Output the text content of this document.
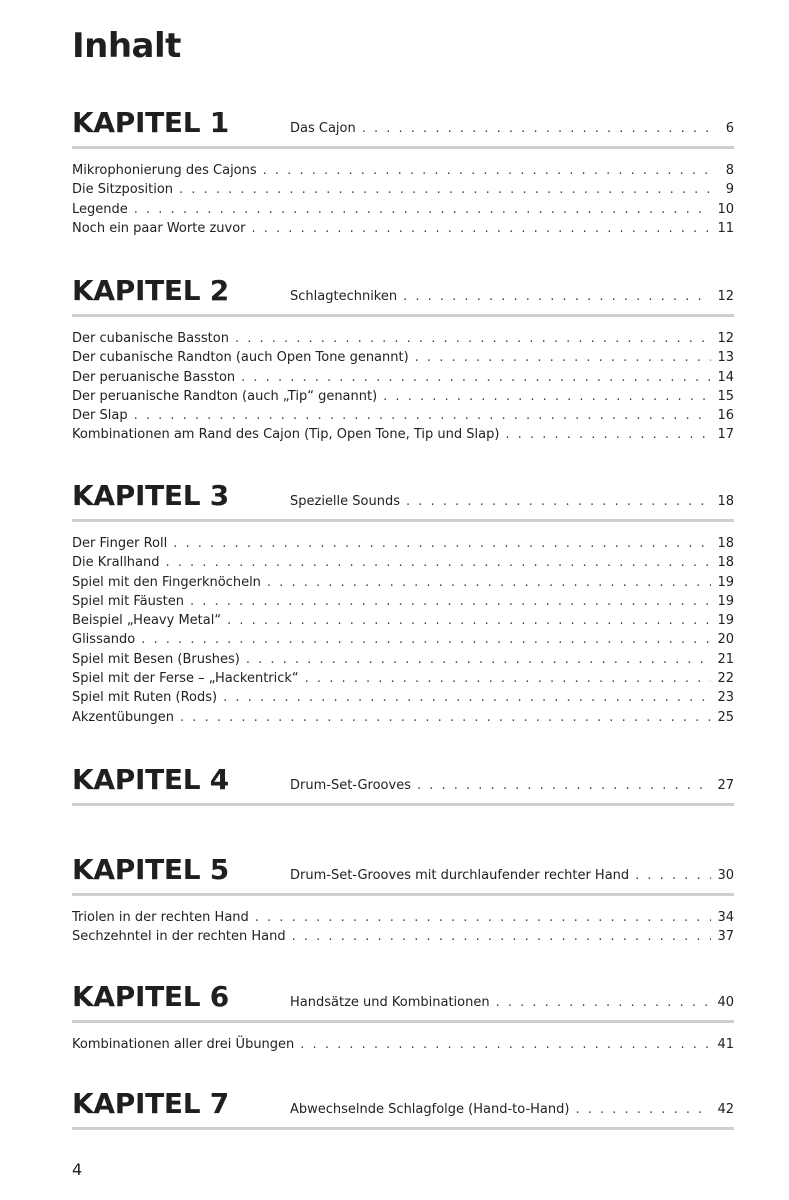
Inhalt
KAPITEL 1	Das Cajon . . .	6
Mikrophonierung des Cajons . . .	8
Die Sitzposition . . .	9
Legende . . .	10
Noch ein paar Worte zuvor . . .	11
KAPITEL 2	Schlagtechniken . . .	12
Der cubanische Basston . . .	12
Der cubanische Randton (auch Open Tone genannt) . . .	13
Der peruanische Basston . . .	14
Der peruanische Randton (auch „Tip“ genannt) . . .	15
Der Slap . . .	16
Kombinationen am Rand des Cajon (Tip, Open Tone, Tip und Slap) . . .	17
KAPITEL 3	Spezielle Sounds . . .	18
Der Finger Roll . . .	18
Die Krallhand . . .	18
Spiel mit den Fingerknöcheln . . .	19
Spiel mit Fäusten . . .	19
Beispiel „Heavy Metal“ . . .	19
Glissando . . .	20
Spiel mit Besen (Brushes) . . .	21
Spiel mit der Ferse – „Hackentrick“ . . .	22
Spiel mit Ruten (Rods) . . .	23
Akzentübungen . . .	25
KAPITEL 4	Drum-Set-Grooves . . .	27
KAPITEL 5	Drum-Set-Grooves mit durchlaufender rechter Hand . . .	30
Triolen in der rechten Hand . . .	34
Sechzehntel in der rechten Hand . . .	37
KAPITEL 6	Handsätze und Kombinationen . . .	40
Kombinationen aller drei Übungen . . .	41
KAPITEL 7	Abwechselnde Schlagfolge (Hand-to-Hand) . . .	42
4
